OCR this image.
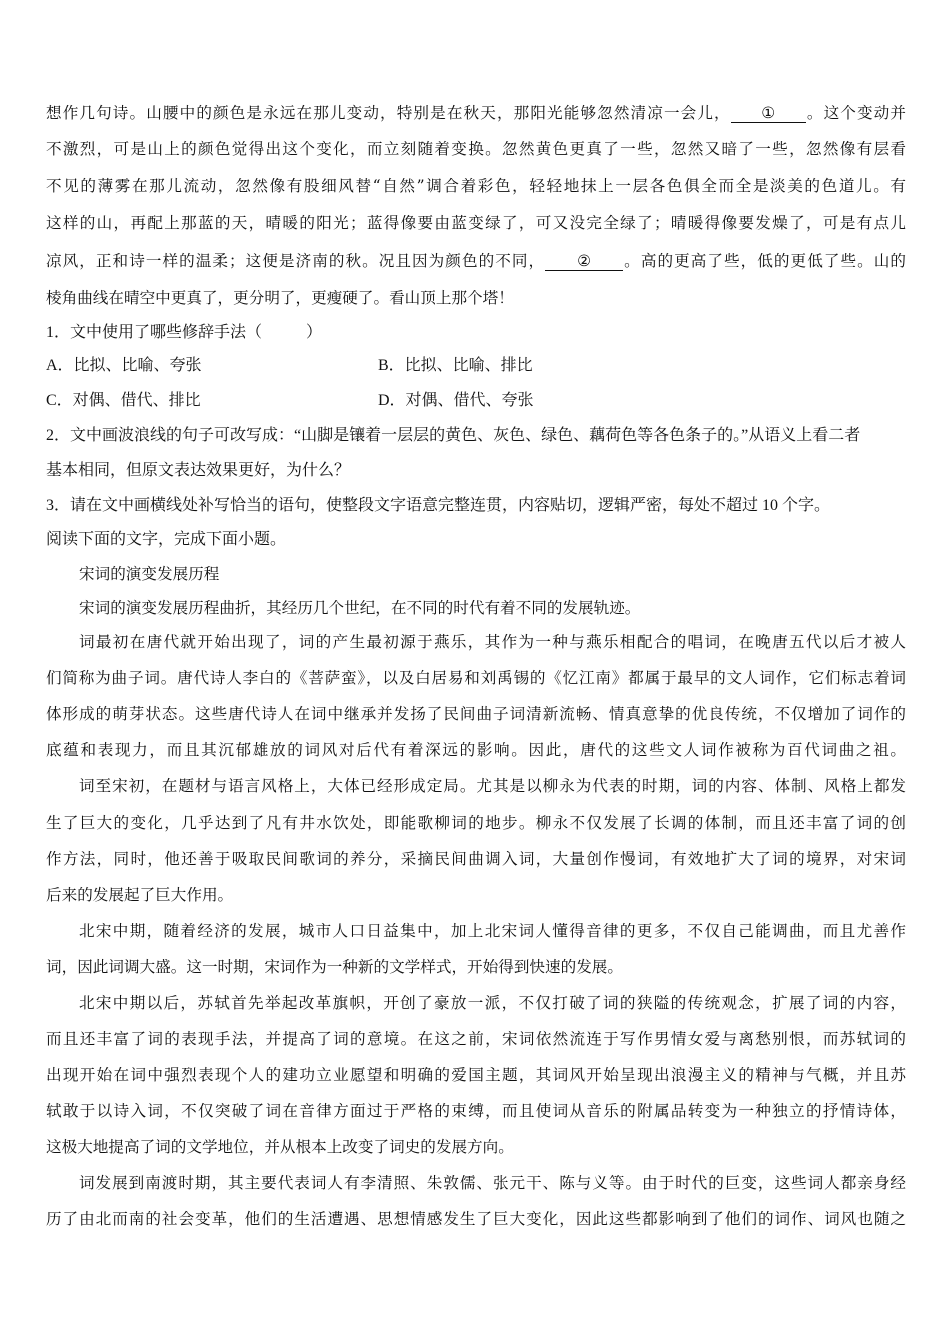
想作几句诗。山腰中的颜色是永远在那儿变动，特别是在秋天，那阳光能够忽然清凉一会儿， ① 。这个变动并
不激烈，可是山上的颜色觉得出这个变化，而立刻随着变换。忽然黄色更真了一些，忽然又暗了一些，忽然像有层看
不见的薄雾在那儿流动，忽然像有股细风替“自然”调合着彩色，轻轻地抹上一层各色俱全而全是淡美的色道儿。有
这样的山，再配上那蓝的天，晴暖的阳光；蓝得像要由蓝变绿了，可又没完全绿了；晴暖得像要发燥了，可是有点儿
凉风，正和诗一样的温柔；这便是济南的秋。况且因为颜色的不同， ② 。高的更高了些，低的更低了些。山的
棱角曲线在晴空中更真了，更分明了，更瘦硬了。看山顶上那个塔！
1．文中使用了哪些修辞手法（	）
A．比拟、比喻、夸张	B．比拟、比喻、排比
C．对偶、借代、排比	D．对偶、借代、夸张
2．文中画波浪线的句子可改写成：“山脚是镶着一层层的黄色、灰色、绿色、藕荷色等各色条子的。”从语义上看二者
基本相同，但原文表达效果更好，为什么？
3．请在文中画横线处补写恰当的语句，使整段文字语意完整连贯，内容贴切，逻辑严密，每处不超过 10 个字。
阅读下面的文字，完成下面小题。
宋词的演变发展历程
宋词的演变发展历程曲折，其经历几个世纪，在不同的时代有着不同的发展轨迹。
词最初在唐代就开始出现了，词的产生最初源于燕乐，其作为一种与燕乐相配合的唱词，在晚唐五代以后才被人
们简称为曲子词。唐代诗人李白的《菩萨蛮》，以及白居易和刘禹锡的《忆江南》都属于最早的文人词作，它们标志着词
体形成的萌芽状态。这些唐代诗人在词中继承并发扬了民间曲子词清新流畅、情真意挚的优良传统，不仅增加了词作的
底蕴和表现力，而且其沉郁雄放的词风对后代有着深远的影响。因此，唐代的这些文人词作被称为百代词曲之祖。
词至宋初，在题材与语言风格上，大体已经形成定局。尤其是以柳永为代表的时期，词的内容、体制、风格上都发
生了巨大的变化，几乎达到了凡有井水饮处，即能歌柳词的地步。柳永不仅发展了长调的体制，而且还丰富了词的创
作方法，同时，他还善于吸取民间歌词的养分，采摘民间曲调入词，大量创作慢词，有效地扩大了词的境界，对宋词
后来的发展起了巨大作用。
北宋中期，随着经济的发展，城市人口日益集中，加上北宋词人懂得音律的更多，不仅自己能调曲，而且尤善作
词，因此词调大盛。这一时期，宋词作为一种新的文学样式，开始得到快速的发展。
北宋中期以后，苏轼首先举起改革旗帜，开创了豪放一派，不仅打破了词的狭隘的传统观念，扩展了词的内容，
而且还丰富了词的表现手法，并提高了词的意境。在这之前，宋词依然流连于写作男情女爱与离愁别恨，而苏轼词的
出现开始在词中强烈表现个人的建功立业愿望和明确的爱国主题，其词风开始呈现出浪漫主义的精神与气概，并且苏
轼敢于以诗入词，不仅突破了词在音律方面过于严格的束缚，而且使词从音乐的附属品转变为一种独立的抒情诗体，
这极大地提高了词的文学地位，并从根本上改变了词史的发展方向。
词发展到南渡时期，其主要代表词人有李清照、朱敦儒、张元干、陈与义等。由于时代的巨变，这些词人都亲身经
历了由北而南的社会变革，他们的生活遭遇、思想情感发生了巨大变化，因此这些都影响到了他们的词作、词风也随之
